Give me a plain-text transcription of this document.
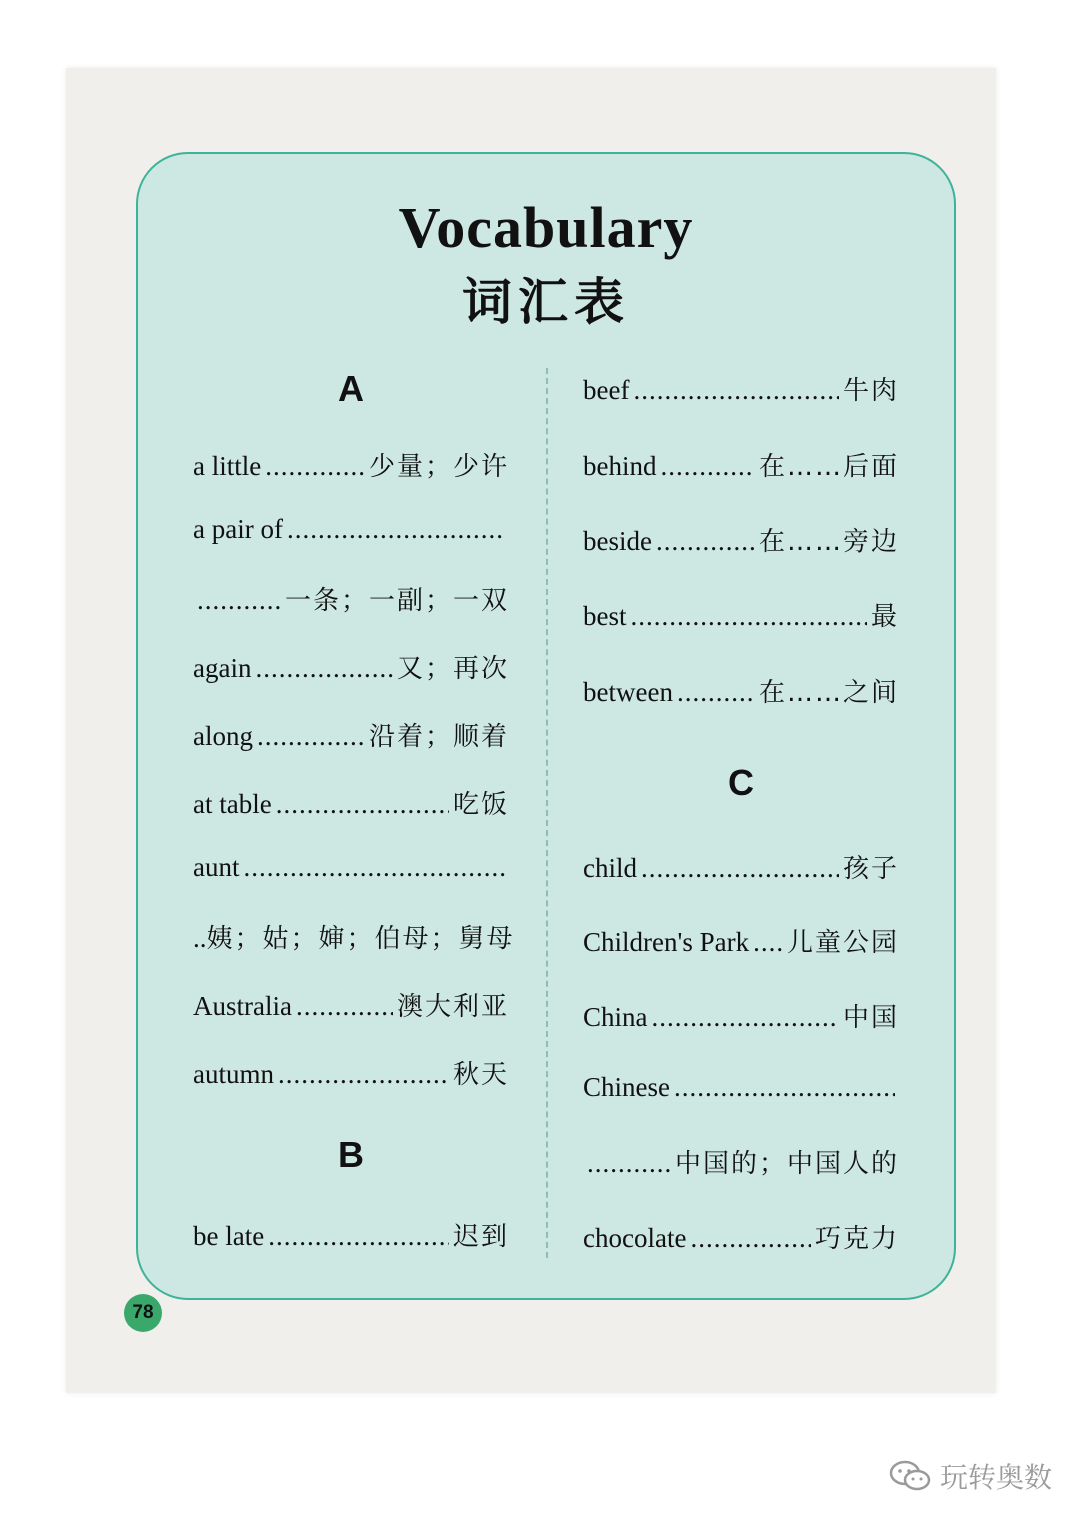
Vocabulary
词汇表
A
a little .....	少量；少许
a pair of
.....
.....
一条；一副；一双
again .....	又；再次
along .....	沿着；顺着
at table .....	吃饭
aunt
.....
.. 姨；姑；婶；伯母；舅母
Australia .....	澳大利亚
autumn .....	秋天
B
be late .....	迟到
beef .....	牛肉
behind .....	在……后面
beside .....	在……旁边
best .....	最
between .....	在……之间
C
child .....	孩子
Children's Park ..... 儿童公园
China .....	中国
Chinese
.....
.....
中国的；中国人的
chocolate .....	巧克力
78
玩转奥数
